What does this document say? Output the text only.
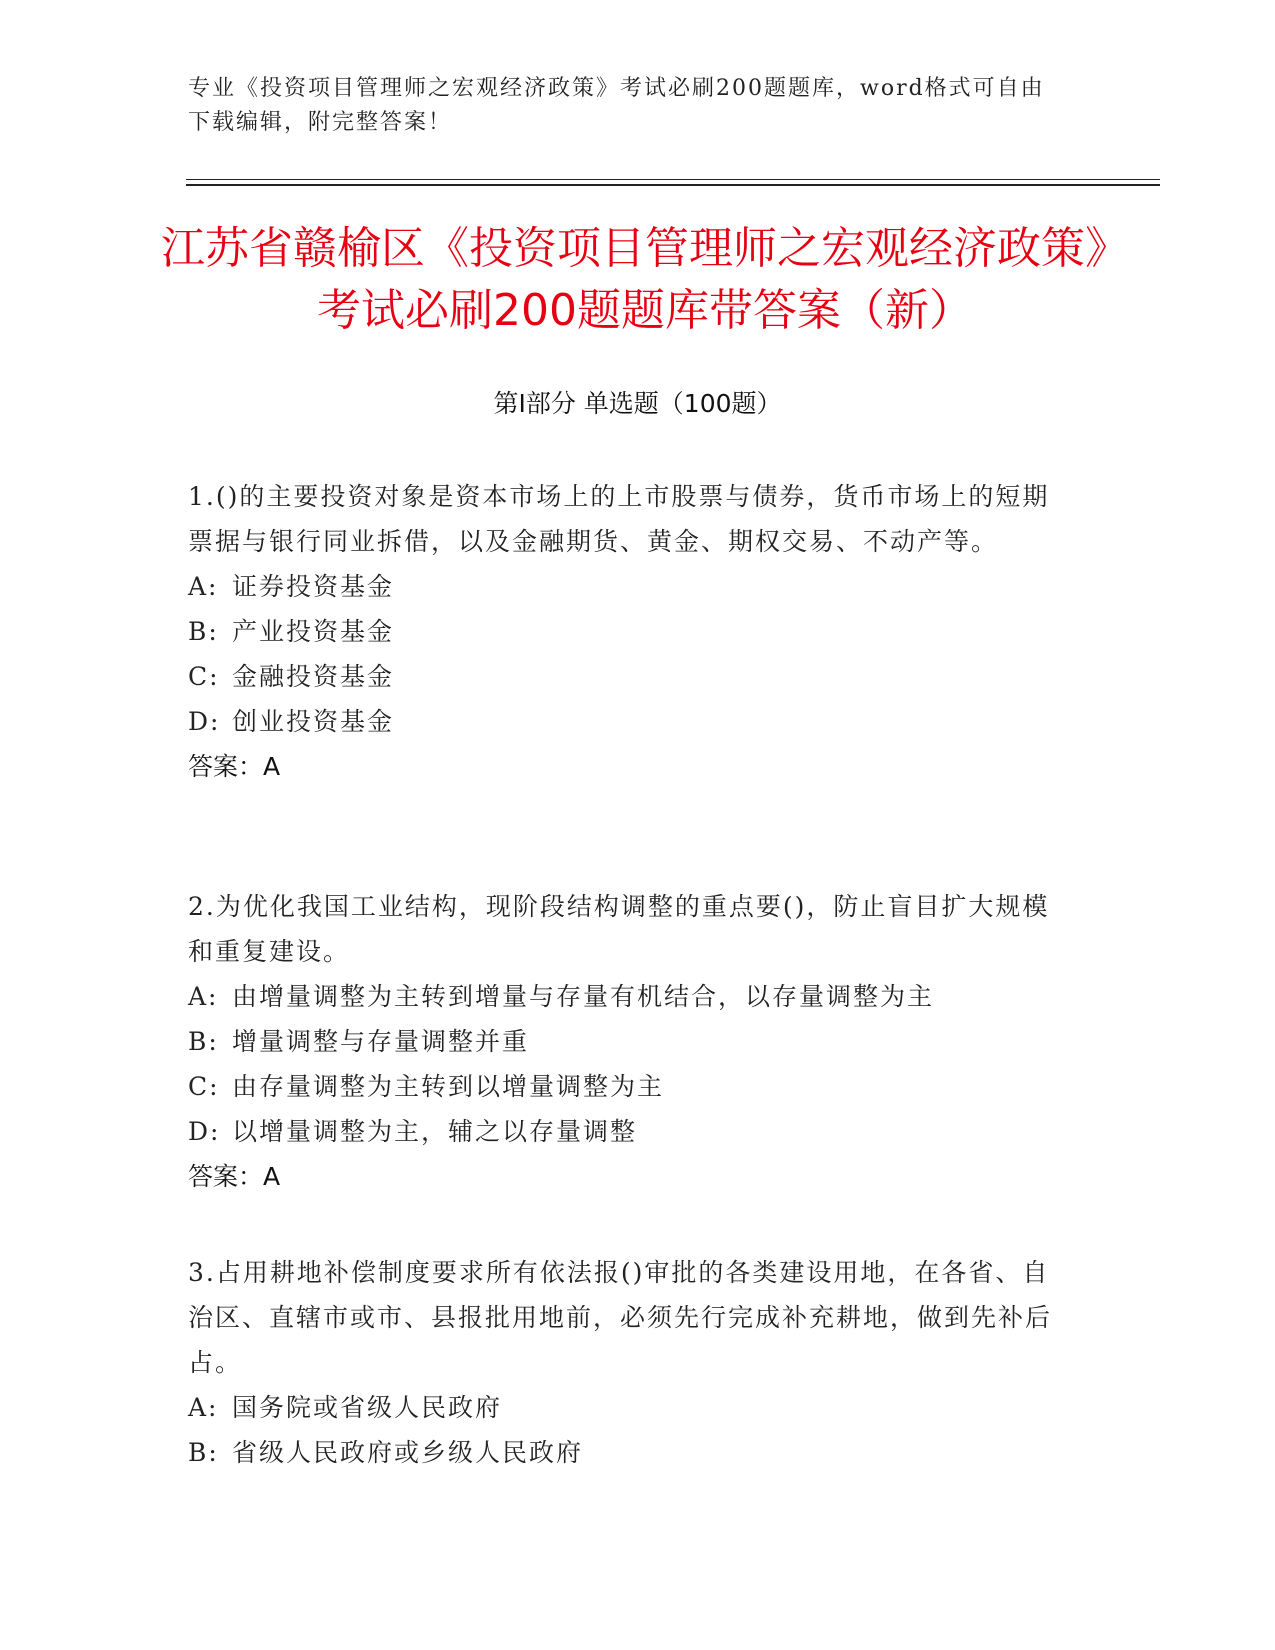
专业《投资项目管理师之宏观经济政策》考试必刷200题题库，word格式可自由下载编辑，附完整答案！
江苏省赣榆区《投资项目管理师之宏观经济政策》考试必刷200题题库带答案（新）
第Ⅰ部分 单选题（100题）
1.()的主要投资对象是资本市场上的上市股票与债券，货币市场上的短期票据与银行同业拆借，以及金融期货、黄金、期权交易、不动产等。
A: 证券投资基金
B: 产业投资基金
C: 金融投资基金
D: 创业投资基金
答案：A
2.为优化我国工业结构，现阶段结构调整的重点要()，防止盲目扩大规模和重复建设。
A: 由增量调整为主转到增量与存量有机结合，以存量调整为主
B: 增量调整与存量调整并重
C: 由存量调整为主转到以增量调整为主
D: 以增量调整为主，辅之以存量调整
答案：A
3.占用耕地补偿制度要求所有依法报()审批的各类建设用地，在各省、自治区、直辖市或市、县报批用地前，必须先行完成补充耕地，做到先补后占。
A: 国务院或省级人民政府
B: 省级人民政府或乡级人民政府
